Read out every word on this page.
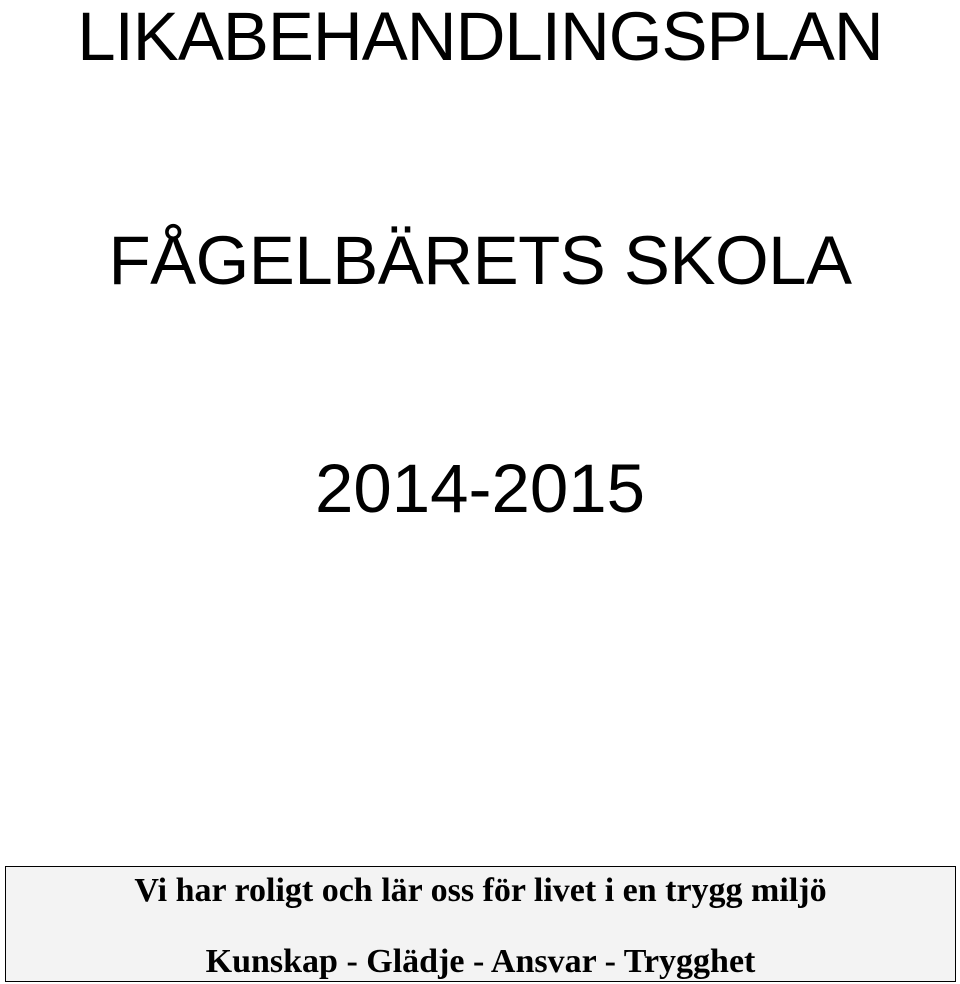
LIKABEHANDLINGSPLAN
FÅGELBÄRETS SKOLA
2014-2015

Vi har roligt och lär oss för livet i en trygg miljö

Kunskap - Glädje - Ansvar - Trygghet
